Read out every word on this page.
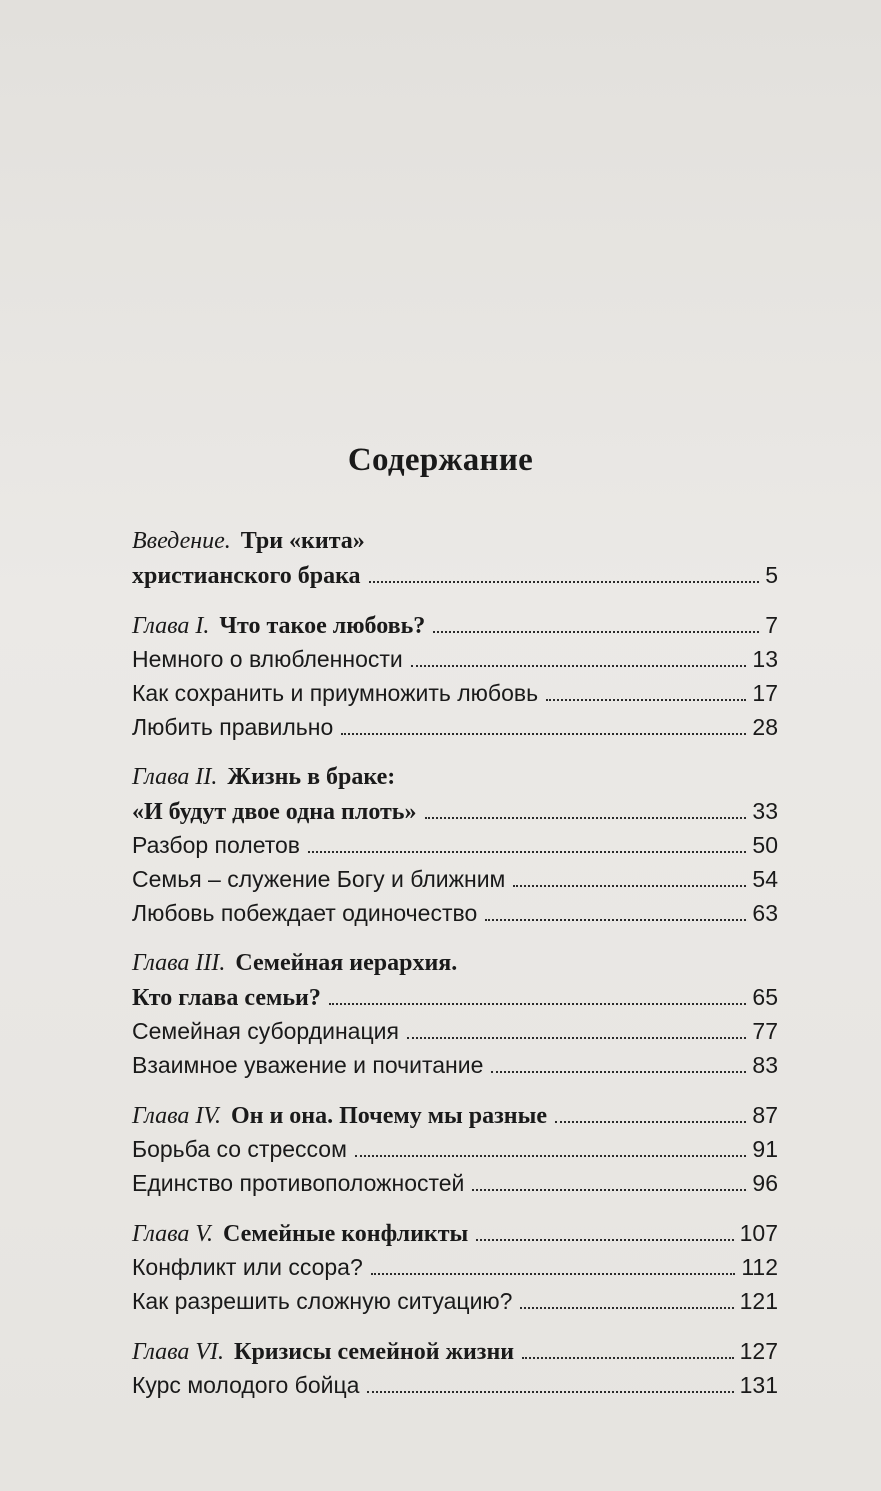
Содержание
Введение. Три «кита»
христианского брака	5
Глава I. Что такое любовь?	7
Немного о влюбленности	13
Как сохранить и приумножить любовь	17
Любить правильно	28
Глава II. Жизнь в браке:
«И будут двое одна плоть»	33
Разбор полетов	50
Семья – служение Богу и ближним	54
Любовь побеждает одиночество	63
Глава III. Семейная иерархия.
Кто глава семьи?	65
Семейная субординация	77
Взаимное уважение и почитание	83
Глава IV. Он и она. Почему мы разные	87
Борьба со стрессом	91
Единство противоположностей	96
Глава V. Семейные конфликты	107
Конфликт или ссора?	112
Как разрешить сложную ситуацию?	121
Глава VI. Кризисы семейной жизни	127
Курс молодого бойца	131
